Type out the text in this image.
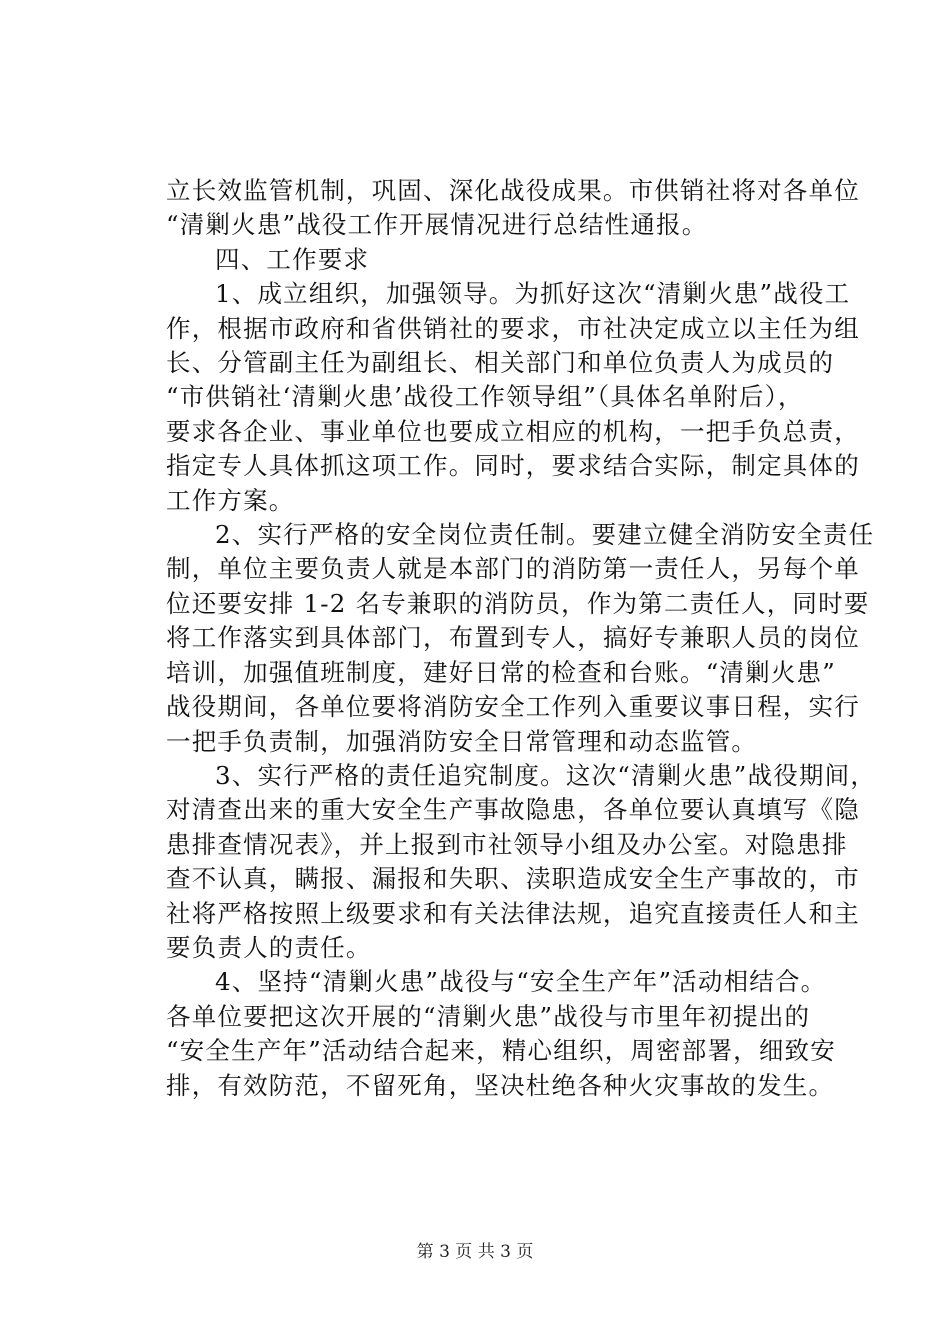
立长效监管机制，巩固、深化战役成果。市供销社将对各单位
“清剿火患”战役工作开展情况进行总结性通报。
四、工作要求
1、成立组织，加强领导。为抓好这次“清剿火患”战役工
作，根据市政府和省供销社的要求，市社决定成立以主任为组
长、分管副主任为副组长、相关部门和单位负责人为成员的
“市供销社‘清剿火患’战役工作领导组”（具体名单附后），
要求各企业、事业单位也要成立相应的机构，一把手负总责，
指定专人具体抓这项工作。同时，要求结合实际，制定具体的
工作方案。
2、实行严格的安全岗位责任制。要建立健全消防安全责任
制，单位主要负责人就是本部门的消防第一责任人，另每个单
位还要安排 1-2 名专兼职的消防员，作为第二责任人，同时要
将工作落实到具体部门，布置到专人，搞好专兼职人员的岗位
培训，加强值班制度，建好日常的检查和台账。“清剿火患”
战役期间，各单位要将消防安全工作列入重要议事日程，实行
一把手负责制，加强消防安全日常管理和动态监管。
3、实行严格的责任追究制度。这次“清剿火患”战役期间，
对清查出来的重大安全生产事故隐患，各单位要认真填写《隐
患排查情况表》，并上报到市社领导小组及办公室。对隐患排
查不认真，瞒报、漏报和失职、渎职造成安全生产事故的，市
社将严格按照上级要求和有关法律法规，追究直接责任人和主
要负责人的责任。
4、坚持“清剿火患”战役与“安全生产年”活动相结合。
各单位要把这次开展的“清剿火患”战役与市里年初提出的
“安全生产年”活动结合起来，精心组织，周密部署，细致安
排，有效防范，不留死角，坚决杜绝各种火灾事故的发生。
第 3 页 共 3 页
